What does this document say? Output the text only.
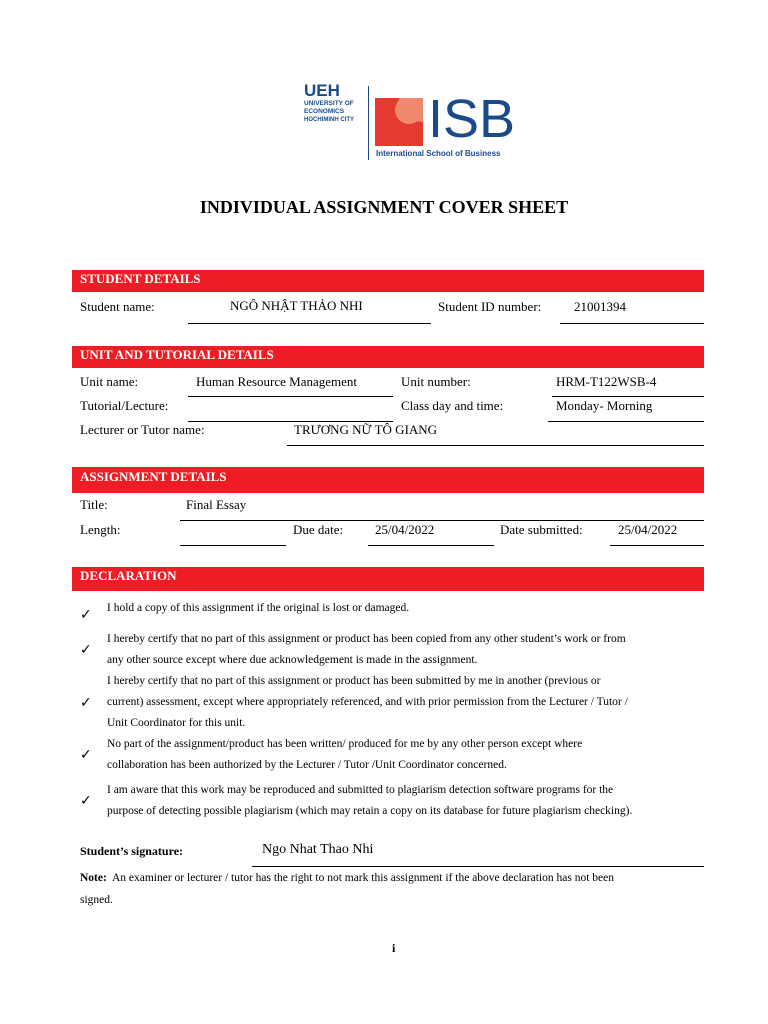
UEH
UNIVERSITY OF
ECONOMICS
HOCHIMINH CITY ISB
International School of Business
INDIVIDUAL ASSIGNMENT COVER SHEET
STUDENT DETAILS
Student name:	NGÔ NHẬT THẢO NHI	Student ID number:	21001394
UNIT AND TUTORIAL DETAILS
Unit name:	Human Resource Management	Unit number:	HRM-T122WSB-4
Tutorial/Lecture:	Class day and time:	Monday- Morning
Lecturer or Tutor name:	TRƯƠNG NỮ TÔ GIANG
ASSIGNMENT DETAILS
Title:	Final Essay
Length:	Due date: 25/04/2022	Date submitted:	25/04/2022
DECLARATION
✓ I hold a copy of this assignment if the original is lost or damaged.
✓
I hereby certify that no part of this assignment or product has been copied from any other student’s work or from
any other source except where due acknowledgement is made in the assignment.
✓
I hereby certify that no part of this assignment or product has been submitted by me in another (previous or
current) assessment, except where appropriately referenced, and with prior permission from the Lecturer / Tutor /
Unit Coordinator for this unit.
✓
No part of the assignment/product has been written/ produced for me by any other person except where
collaboration has been authorized by the Lecturer / Tutor /Unit Coordinator concerned.
✓
I am aware that this work may be reproduced and submitted to plagiarism detection software programs for the
purpose of detecting possible plagiarism (which may retain a copy on its database for future plagiarism checking).
Student’s signature:	Ngo Nhat Thao Nhi
Note: An examiner or lecturer / tutor has the right to not mark this assignment if the above declaration has not been
signed.
i
